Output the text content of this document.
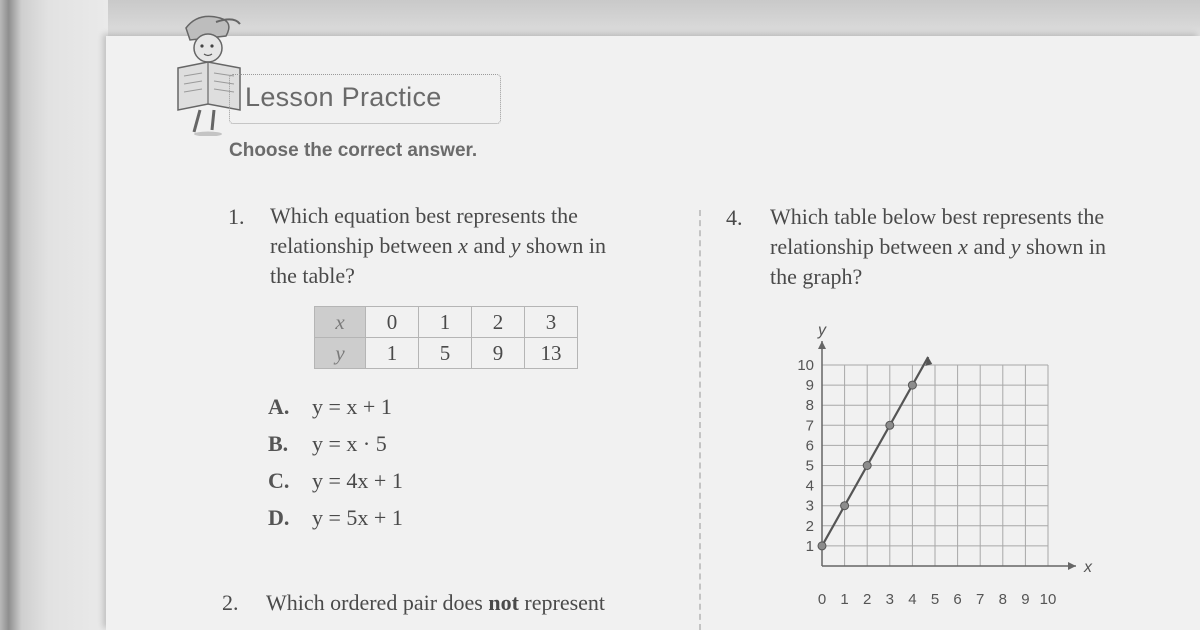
Lesson Practice
Choose the correct answer.
1. Which equation best represents the
relationship between x and y shown in
the table?
x	0	1	2	3
y	1	5	9	13
A. y = x + 1
B. y = x · 5
C. y = 4x + 1
D. y = 5x + 1
2. Which ordered pair does not represent
4. Which table below best represents the
relationship between x and y shown in
the graph?
x
y
0 1 2 3 4 5 6 7 8 9 10
1
2
3
4
5
6
7
8
9
10
